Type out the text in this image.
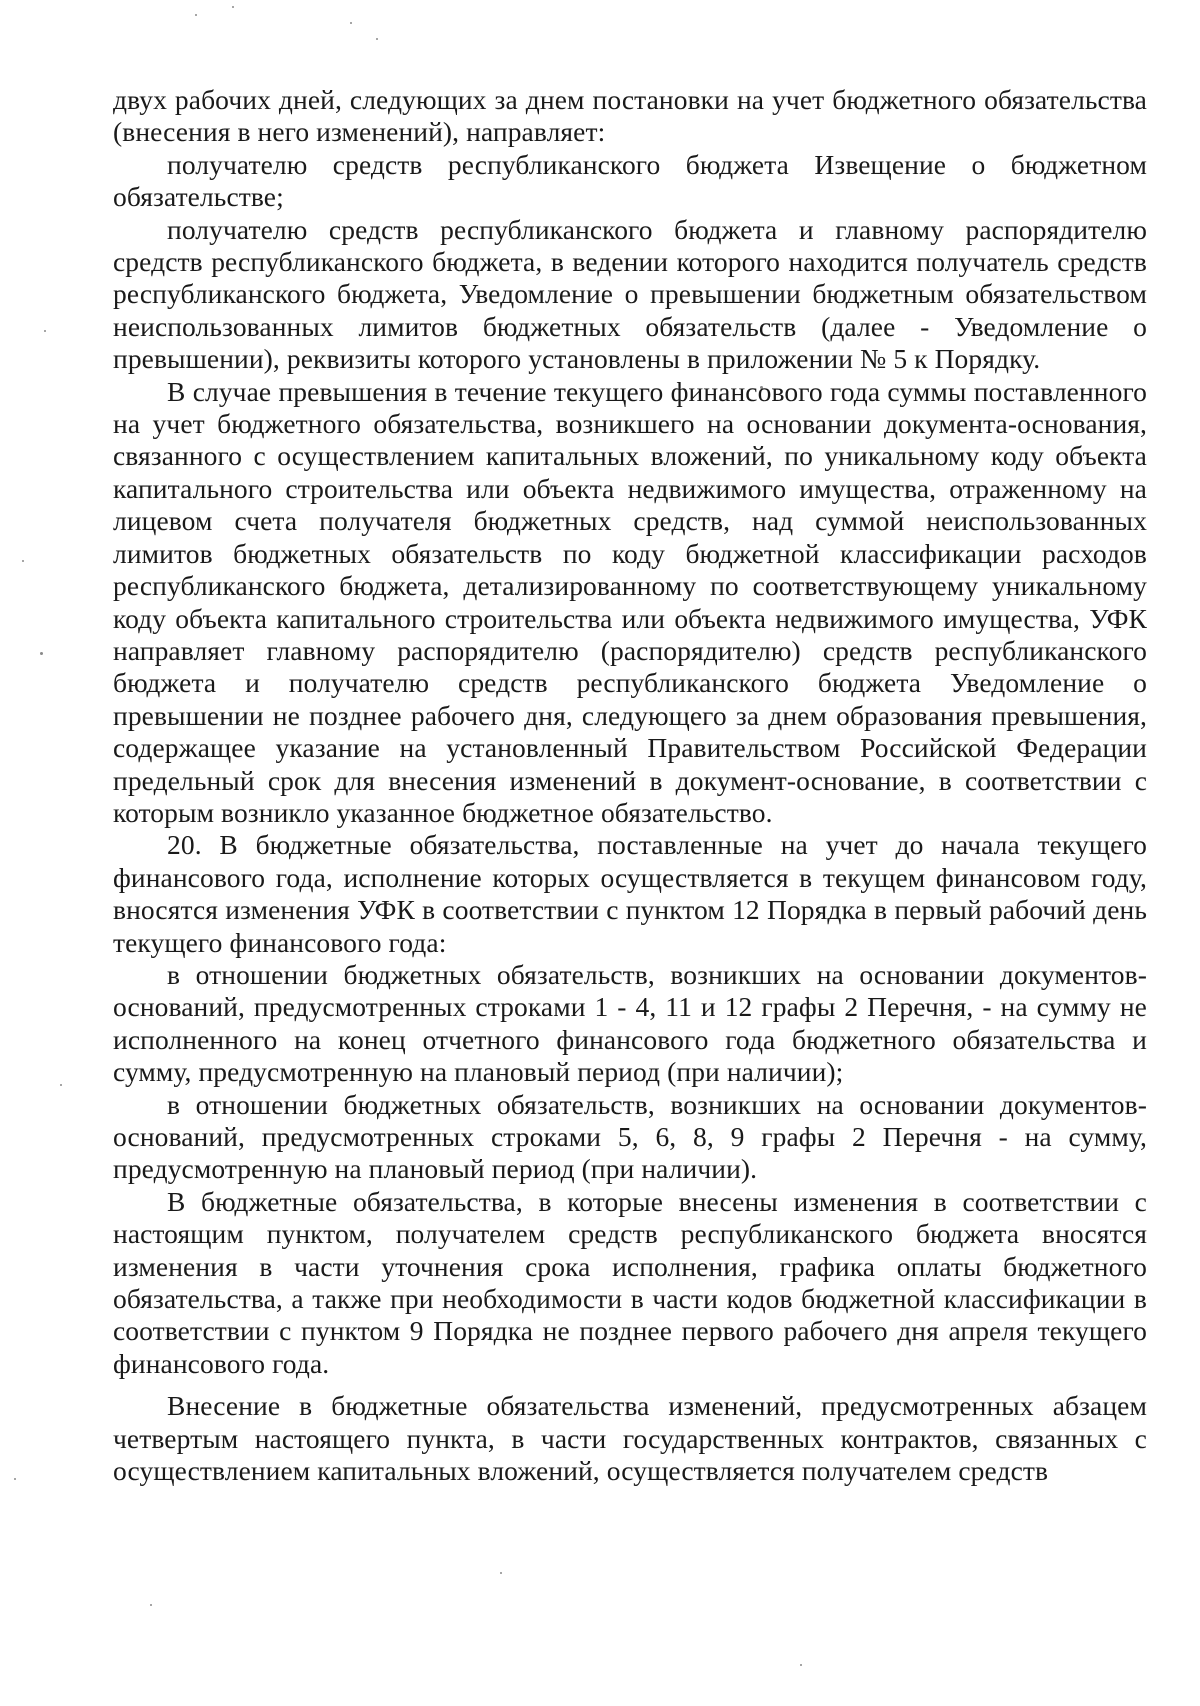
двух рабочих дней, следующих за днем постановки на учет бюджетного обязательства (внесения в него изменений), направляет:

получателю средств республиканского бюджета Извещение о бюджетном обязательстве;

получателю средств республиканского бюджета и главному распорядителю средств республиканского бюджета, в ведении которого находится получатель средств республиканского бюджета, Уведомление о превышении бюджетным обязательством неиспользованных лимитов бюджетных обязательств (далее - Уведомление о превышении), реквизиты которого установлены в приложении № 5 к Порядку.

В случае превышения в течение текущего финансового года суммы поставленного на учет бюджетного обязательства, возникшего на основании документа-основания, связанного с осуществлением капитальных вложений, по уникальному коду объекта капитального строительства или объекта недвижимого имущества, отраженному на лицевом счета получателя бюджетных средств, над суммой неиспользованных лимитов бюджетных обязательств по коду бюджетной классификации расходов республиканского бюджета, детализированному по соответствующему уникальному коду объекта капитального строительства или объекта недвижимого имущества, УФК направляет главному распорядителю (распорядителю) средств республиканского бюджета и получателю средств республиканского бюджета Уведомление о превышении не позднее рабочего дня, следующего за днем образования превышения, содержащее указание на установленный Правительством Российской Федерации предельный срок для внесения изменений в документ-основание, в соответствии с которым возникло указанное бюджетное обязательство.

20. В бюджетные обязательства, поставленные на учет до начала текущего финансового года, исполнение которых осуществляется в текущем финансовом году, вносятся изменения УФК в соответствии с пунктом 12 Порядка в первый рабочий день текущего финансового года:

в отношении бюджетных обязательств, возникших на основании документов-оснований, предусмотренных строками 1 - 4, 11 и 12 графы 2 Перечня, - на сумму не исполненного на конец отчетного финансового года бюджетного обязательства и сумму, предусмотренную на плановый период (при наличии);

в отношении бюджетных обязательств, возникших на основании документов-оснований, предусмотренных строками 5, 6, 8, 9 графы 2 Перечня - на сумму, предусмотренную на плановый период (при наличии).

В бюджетные обязательства, в которые внесены изменения в соответствии с настоящим пунктом, получателем средств республиканского бюджета вносятся изменения в части уточнения срока исполнения, графика оплаты бюджетного обязательства, а также при необходимости в части кодов бюджетной классификации в соответствии с пунктом 9 Порядка не позднее первого рабочего дня апреля текущего финансового года.

Внесение в бюджетные обязательства изменений, предусмотренных абзацем четвертым настоящего пункта, в части государственных контрактов, связанных с осуществлением капитальных вложений, осуществляется получателем средств
